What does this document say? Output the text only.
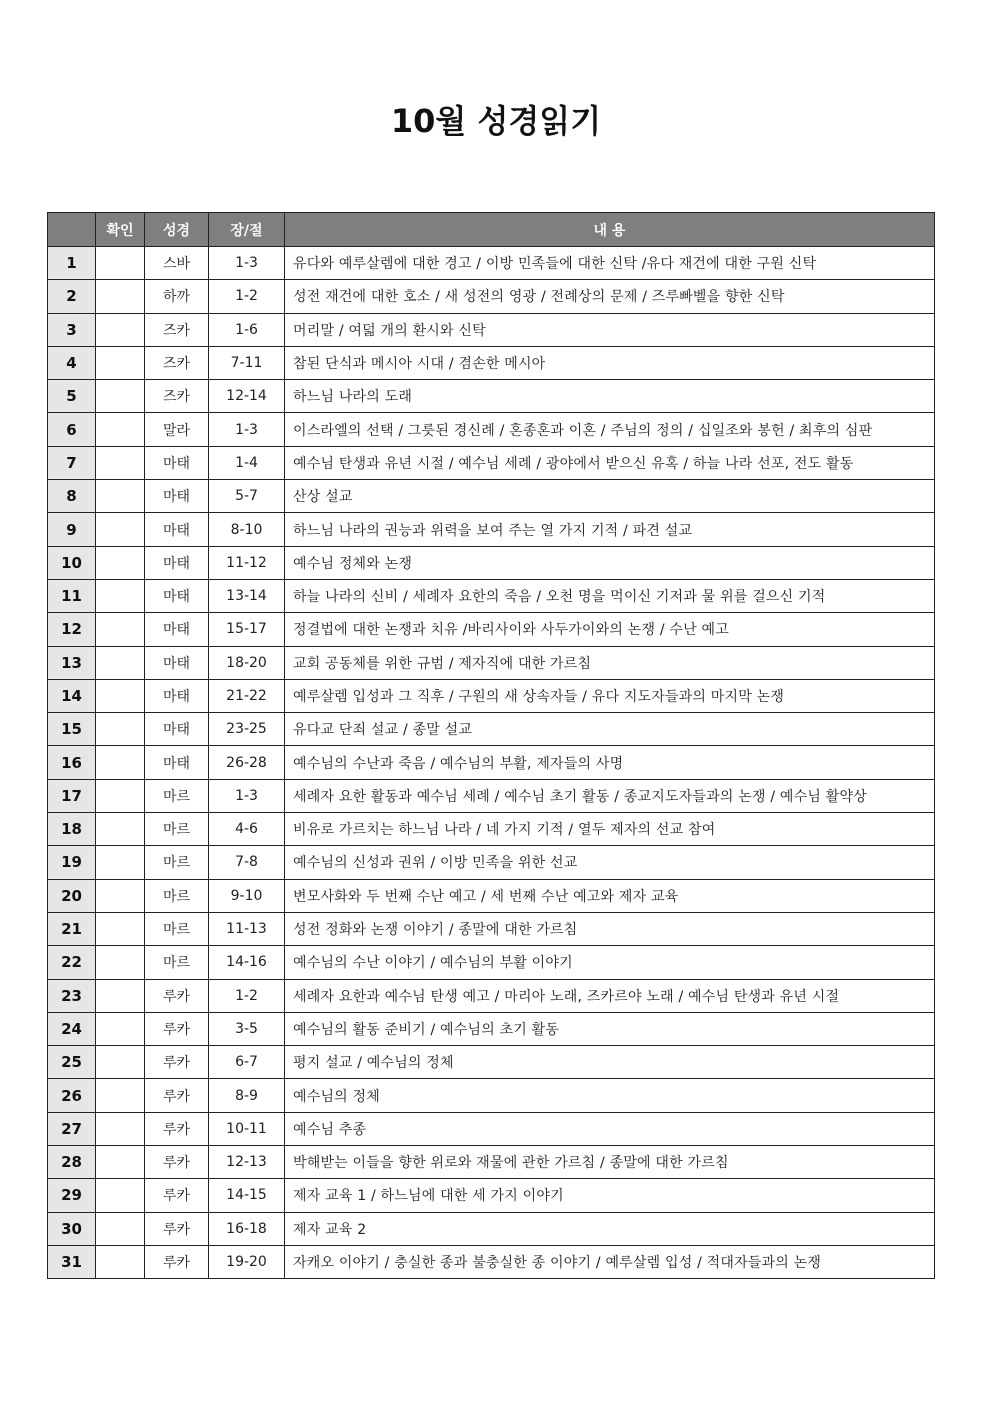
10월 성경읽기
	확인	성경	장/절	내 용
1		스바	1-3	유다와 예루살렘에 대한 경고 / 이방 민족들에 대한 신탁 /유다 재건에 대한 구원 신탁
2		하까	1-2	성전 재건에 대한 호소 / 새 성전의 영광 / 전례상의 문제 / 즈루빠벨을 향한 신탁
3		즈카	1-6	머리말 / 여덟 개의 환시와 신탁
4		즈카	7-11	참된 단식과 메시아 시대 / 겸손한 메시아
5		즈카	12-14	하느님 나라의 도래
6		말라	1-3	이스라엘의 선택 / 그릇된 경신례 / 혼종혼과 이혼 / 주님의 정의 / 십일조와 봉헌 / 최후의 심판
7		마태	1-4	예수님 탄생과 유년 시절 / 예수님 세례 / 광야에서 받으신 유혹 / 하늘 나라 선포, 전도 활동
8		마태	5-7	산상 설교
9		마태	8-10	하느님 나라의 권능과 위력을 보여 주는 열 가지 기적 / 파견 설교
10		마태	11-12	예수님 정체와 논쟁
11		마태	13-14	하늘 나라의 신비 / 세례자 요한의 죽음 / 오천 명을 먹이신 기저과 물 위를 걸으신 기적
12		마태	15-17	정결법에 대한 논쟁과 치유 /바리사이와 사두가이와의 논쟁 / 수난 예고
13		마태	18-20	교회 공동체를 위한 규범 / 제자직에 대한 가르침
14		마태	21-22	예루살렘 입성과 그 직후 / 구원의 새 상속자들 / 유다 지도자들과의 마지막 논쟁
15		마태	23-25	유다교 단죄 설교 / 종말 설교
16		마태	26-28	예수님의 수난과 죽음 / 예수님의 부활, 제자들의 사명
17		마르	1-3	세례자 요한 활동과 예수님 세례 / 예수님 초기 활동 / 종교지도자들과의 논쟁 / 예수님 활약상
18		마르	4-6	비유로 가르치는 하느님 나라 / 네 가지 기적 / 열두 제자의 선교 참여
19		마르	7-8	예수님의 신성과 권위 / 이방 민족을 위한 선교
20		마르	9-10	변모사화와 두 번째 수난 예고 / 세 번째 수난 예고와 제자 교육
21		마르	11-13	성전 정화와 논쟁 이야기 / 종말에 대한 가르침
22		마르	14-16	예수님의 수난 이야기 / 예수님의 부활 이야기
23		루카	1-2	세례자 요한과 예수님 탄생 예고 / 마리아 노래, 즈카르야 노래 / 예수님 탄생과 유년 시절
24		루카	3-5	예수님의 활동 준비기 / 예수님의 초기 활동
25		루카	6-7	평지 설교 / 예수님의 정체
26		루카	8-9	예수님의 정체
27		루카	10-11	예수님 추종
28		루카	12-13	박해받는 이들을 향한 위로와 재물에 관한 가르침 / 종말에 대한 가르침
29		루카	14-15	제자 교육 1 / 하느님에 대한 세 가지 이야기
30		루카	16-18	제자 교육 2
31		루카	19-20	자캐오 이야기 / 충실한 종과 불충실한 종 이야기 / 예루살렘 입성 / 적대자들과의 논쟁
